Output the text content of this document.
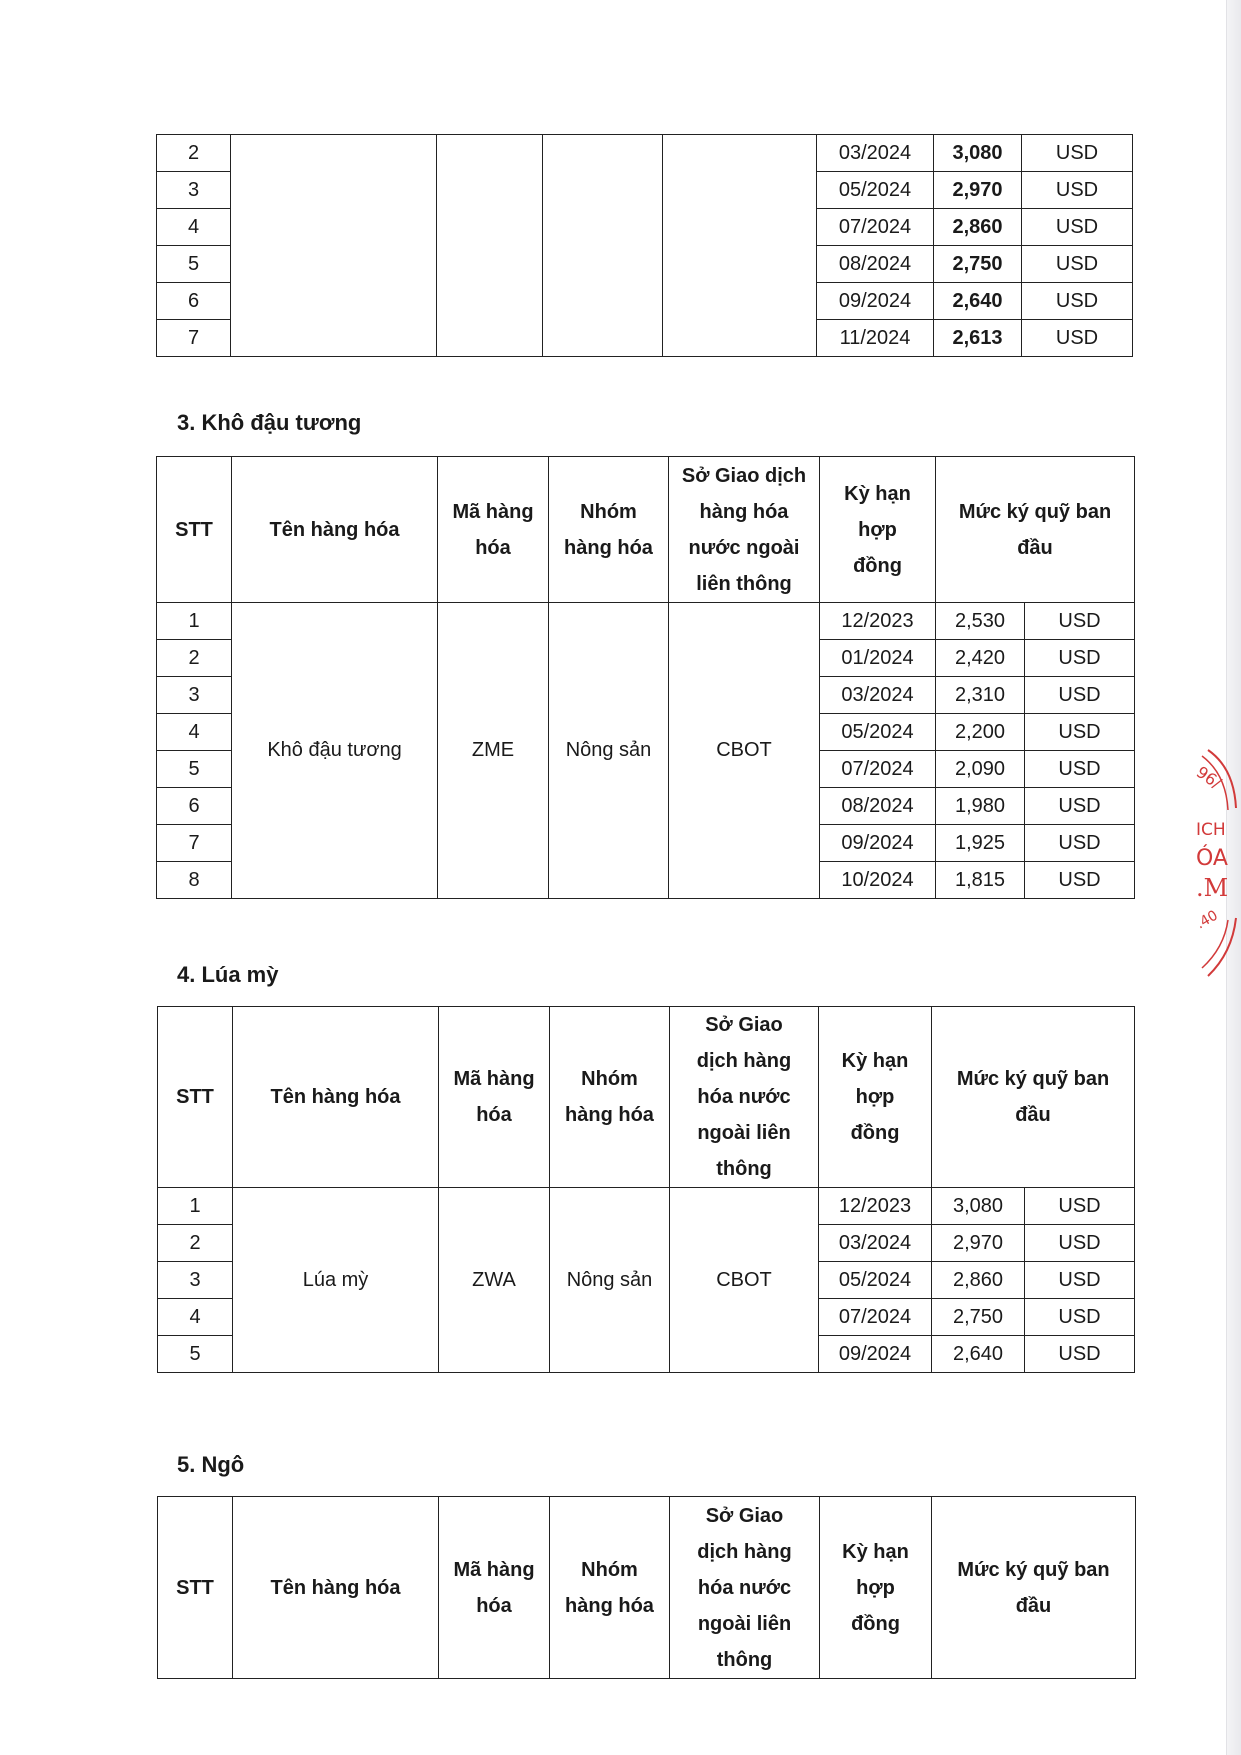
2					03/2024	3,080	USD
3					05/2024	2,970	USD
4					07/2024	2,860	USD
5					08/2024	2,750	USD
6					09/2024	2,640	USD
7					11/2024	2,613	USD
3. Khô đậu tương
STT	Tên hàng hóa	Mã hàng hóa	Nhóm hàng hóa	Sở Giao dịch hàng hóa nước ngoài liên thông	Kỳ hạn hợp đồng	Mức ký quỹ ban đầu	
1	Khô đậu tương	ZME	Nông sản	CBOT	12/2023	2,530	USD
2					01/2024	2,420	USD
3					03/2024	2,310	USD
4					05/2024	2,200	USD
5					07/2024	2,090	USD
6					08/2024	1,980	USD
7					09/2024	1,925	USD
8					10/2024	1,815	USD
4. Lúa mỳ
STT	Tên hàng hóa	Mã hàng hóa	Nhóm hàng hóa	Sở Giao dịch hàng hóa nước ngoài liên thông	Kỳ hạn hợp đồng	Mức ký quỹ ban đầu	
1	Lúa mỳ	ZWA	Nông sản	CBOT	12/2023	3,080	USD
2					03/2024	2,970	USD
3					05/2024	2,860	USD
4					07/2024	2,750	USD
5					09/2024	2,640	USD
5. Ngô
STT	Tên hàng hóa	Mã hàng hóa	Nhóm hàng hóa	Sở Giao dịch hàng hóa nước ngoài liên thông	Kỳ hạn hợp đồng	Mức ký quỹ ban đầu
96/
ICH
ÓA
.M
.40
